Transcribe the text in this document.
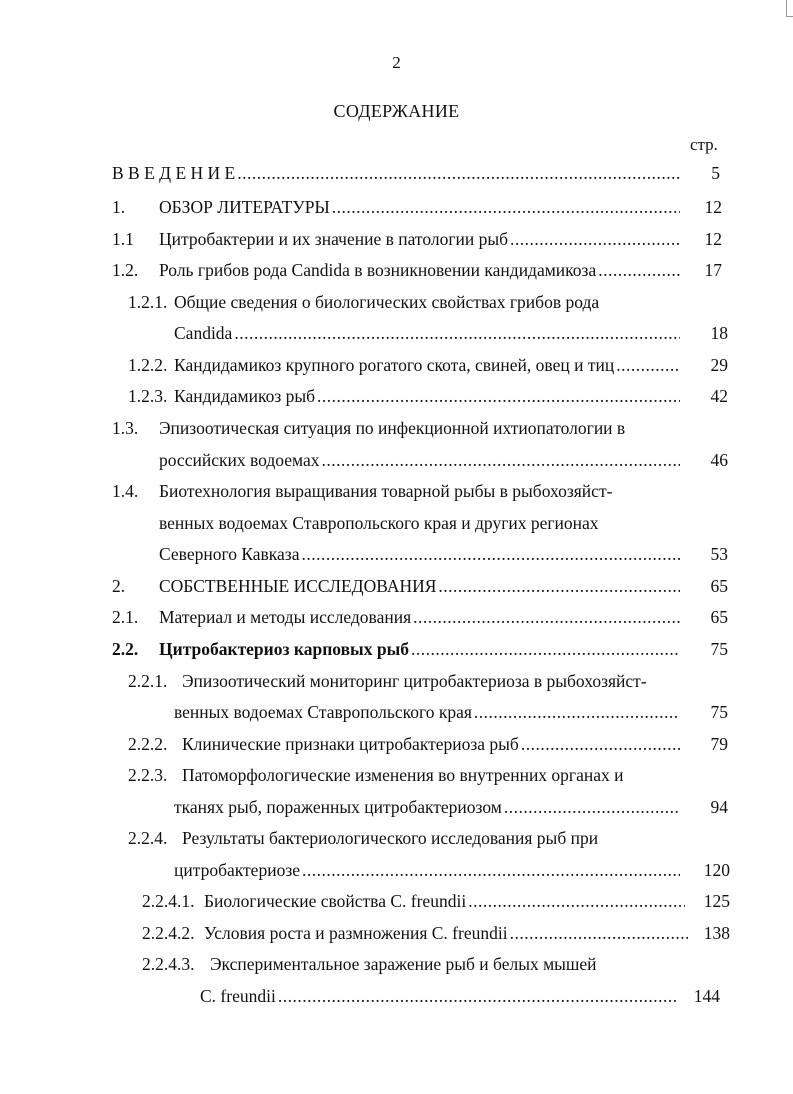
2
СОДЕРЖАНИЕ
стр.
В В Е Д Е Н И Е .....	5
1. ОБЗОР ЛИТЕРАТУРЫ .....	12
1.1 Цитробактерии и их значение в патологии рыб .....	12
1.2. Роль грибов рода Candida в возникновении кандидамикоза .....	17
1.2.1. Общие сведения о биологических свойствах грибов рода
Candida .....	18
1.2.2. Кандидамикоз крупного рогатого скота, свиней, овец и тиц .....	29
1.2.3. Кандидамикоз рыб .....	42
1.3. Эпизоотическая ситуация по инфекционной ихтиопатологии в
российских водоемах .....	46
1.4. Биотехнология выращивания товарной рыбы в рыбохозяйст-
венных водоемах Ставропольского края и других регионах
Северного Кавказа .....	53
2. СОБСТВЕННЫЕ ИССЛЕДОВАНИЯ .....	65
2.1. Материал и методы исследования .....	65
2.2. Цитробактериоз карповых рыб .....	75
2.2.1. Эпизоотический мониторинг цитробактериоза в рыбохозяйст-
венных водоемах Ставропольского края .....	75
2.2.2. Клинические признаки цитробактериоза рыб .....	79
2.2.3. Патоморфологические изменения во внутренних органах и
тканях рыб, пораженных цитробактериозом .....	94
2.2.4. Результаты бактериологического исследования рыб при
цитробактериозе .....	120
2.2.4.1. Биологические свойства C. freundii .....	125
2.2.4.2. Условия роста и размножения C. freundii .....	138
2.2.4.3. Экспериментальное заражение рыб и белых мышей
C. freundii .....	144
